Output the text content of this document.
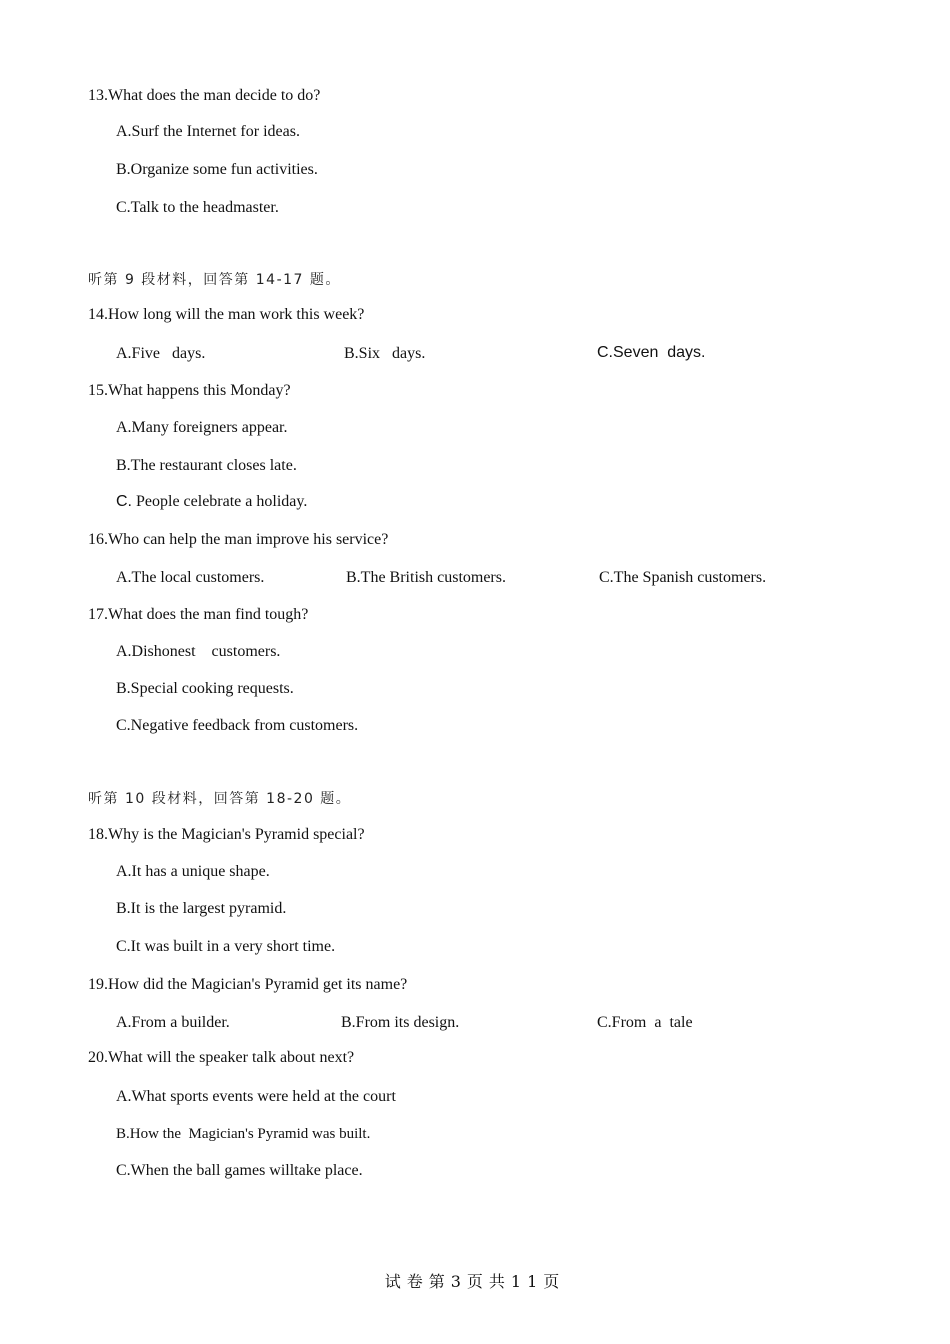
13.What does the man decide to do?
A.Surf the Internet for ideas.
B.Organize some fun activities.
C.Talk to the headmaster.
听第 9 段材料，回答第 14-17 题。
14.How long will the man work this week?
A.Five   days.	B.Six   days.	C.Seven  days.
15.What happens this Monday?
A.Many foreigners appear.
B.The restaurant closes late.
C. People celebrate a holiday.
16.Who can help the man improve his service?
A.The local customers.	B.The British customers.	C.The Spanish customers.
17.What does the man find tough?
A.Dishonest    customers.
B.Special cooking requests.
C.Negative feedback from customers.
听第 10 段材料，回答第 18-20 题。
18.Why is the Magician's Pyramid special?
A.It has a unique shape.
B.It is the largest pyramid.
C.It was built in a very short time.
19.How did the Magician's Pyramid get its name?
A.From a builder.	B.From its design.	C.From  a  tale
20.What will the speaker talk about next?
A.What sports events were held at the court
B.How the  Magician's Pyramid was built.
C.When the ball games willtake place.
试卷第3页共11页
